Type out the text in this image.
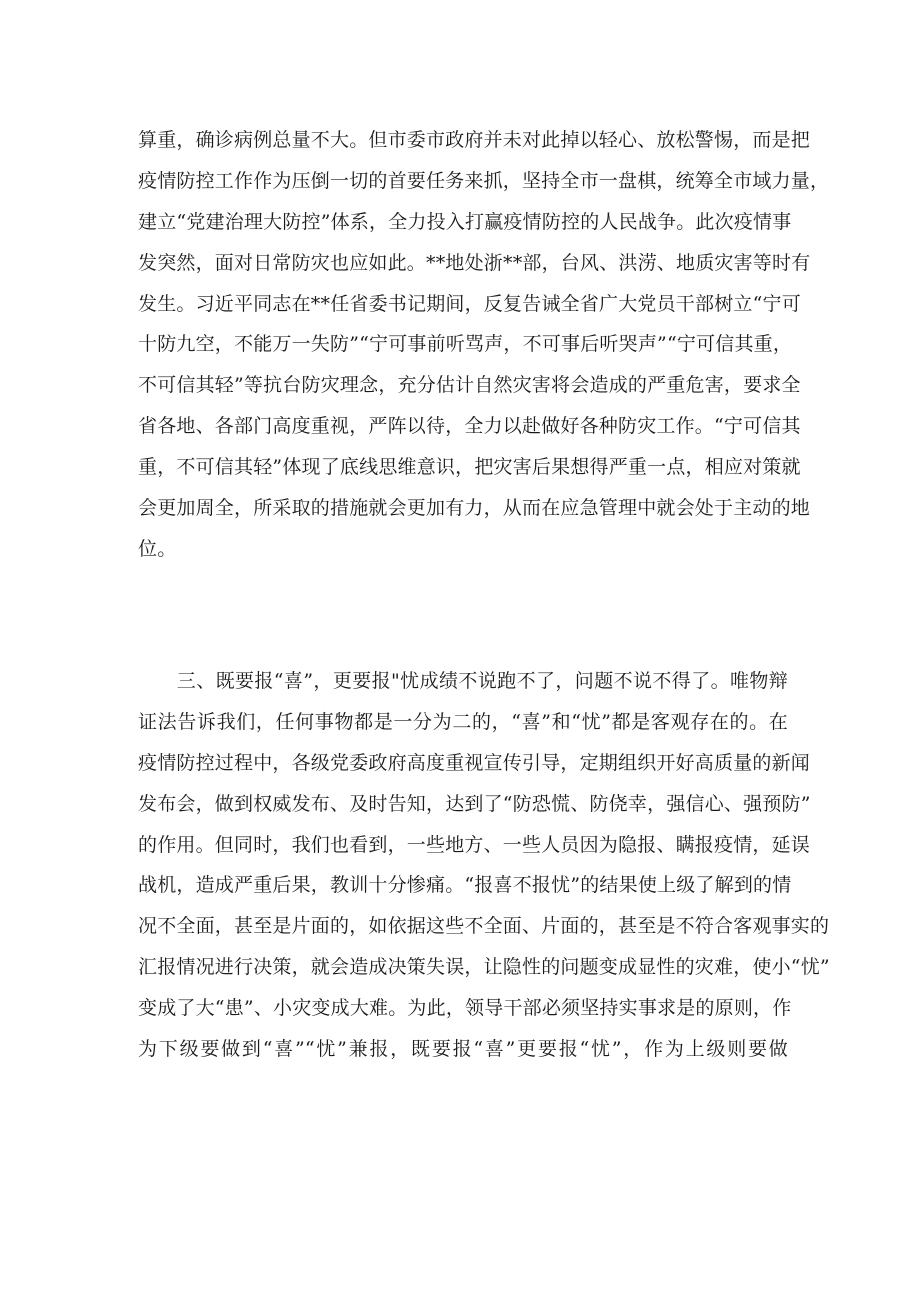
算重，确诊病例总量不大。但市委市政府并未对此掉以轻心、放松警惕，而是把
疫情防控工作作为压倒一切的首要任务来抓，坚持全市一盘棋，统筹全市域力量，
建立“党建治理大防控”体系，全力投入打赢疫情防控的人民战争。此次疫情事
发突然，面对日常防灾也应如此。**地处浙**部，台风、洪涝、地质灾害等时有
发生。习近平同志在**任省委书记期间，反复告诫全省广大党员干部树立“宁可
十防九空，不能万一失防”“宁可事前听骂声，不可事后听哭声”“宁可信其重，
不可信其轻”等抗台防灾理念，充分估计自然灾害将会造成的严重危害，要求全
省各地、各部门高度重视，严阵以待，全力以赴做好各种防灾工作。“宁可信其
重，不可信其轻”体现了底线思维意识，把灾害后果想得严重一点，相应对策就
会更加周全，所采取的措施就会更加有力，从而在应急管理中就会处于主动的地
位。
　　三、既要报“喜”，更要报"忧成绩不说跑不了，问题不说不得了。唯物辩
证法告诉我们，任何事物都是一分为二的，“喜”和“忧”都是客观存在的。在
疫情防控过程中，各级党委政府高度重视宣传引导，定期组织开好高质量的新闻
发布会，做到权威发布、及时告知，达到了“防恐慌、防侥幸，强信心、强预防”
的作用。但同时，我们也看到，一些地方、一些人员因为隐报、瞒报疫情，延误
战机，造成严重后果，教训十分惨痛。“报喜不报忧”的结果使上级了解到的情
况不全面，甚至是片面的，如依据这些不全面、片面的，甚至是不符合客观事实的
汇报情况进行决策，就会造成决策失误，让隐性的问题变成显性的灾难，使小“忧”
变成了大“患”、小灾变成大难。为此，领导干部必须坚持实事求是的原则，作
为下级要做到“喜”“忧”兼报，既要报“喜”更要报“忧”，作为上级则要做
